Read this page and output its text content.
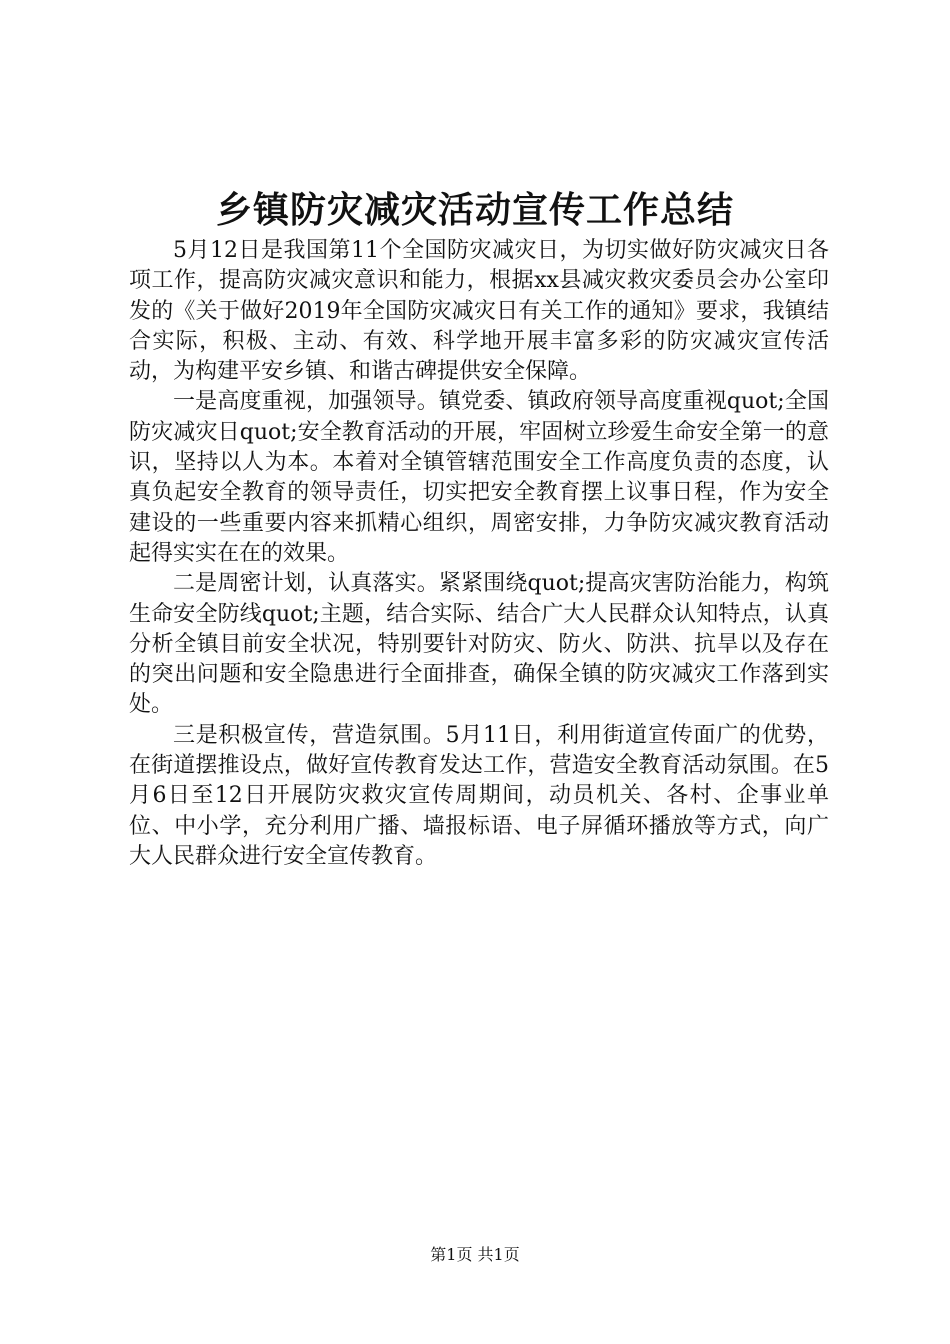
乡镇防灾减灾活动宣传工作总结

5月12日是我国第11个全国防灾减灾日，为切实做好防灾减灾日各项工作，提高防灾减灾意识和能力，根据xx县减灾救灾委员会办公室印发的《关于做好2019年全国防灾减灾日有关工作的通知》要求，我镇结合实际，积极、主动、有效、科学地开展丰富多彩的防灾减灾宣传活动，为构建平安乡镇、和谐古碑提供安全保障。

一是高度重视，加强领导。镇党委、镇政府领导高度重视quot;全国防灾减灾日quot;安全教育活动的开展，牢固树立珍爱生命安全第一的意识，坚持以人为本。本着对全镇管辖范围安全工作高度负责的态度，认真负起安全教育的领导责任，切实把安全教育摆上议事日程，作为安全建设的一些重要内容来抓精心组织，周密安排，力争防灾减灾教育活动起得实实在在的效果。

二是周密计划，认真落实。紧紧围绕quot;提高灾害防治能力，构筑生命安全防线quot;主题，结合实际、结合广大人民群众认知特点，认真分析全镇目前安全状况，特别要针对防灾、防火、防洪、抗旱以及存在的突出问题和安全隐患进行全面排查，确保全镇的防灾减灾工作落到实处。

三是积极宣传，营造氛围。5月11日，利用街道宣传面广的优势，在街道摆推设点，做好宣传教育发达工作，营造安全教育活动氛围。在5月6日至12日开展防灾救灾宣传周期间，动员机关、各村、企事业单位、中小学，充分利用广播、墙报标语、电子屏循环播放等方式，向广大人民群众进行安全宣传教育。

第1页 共1页
